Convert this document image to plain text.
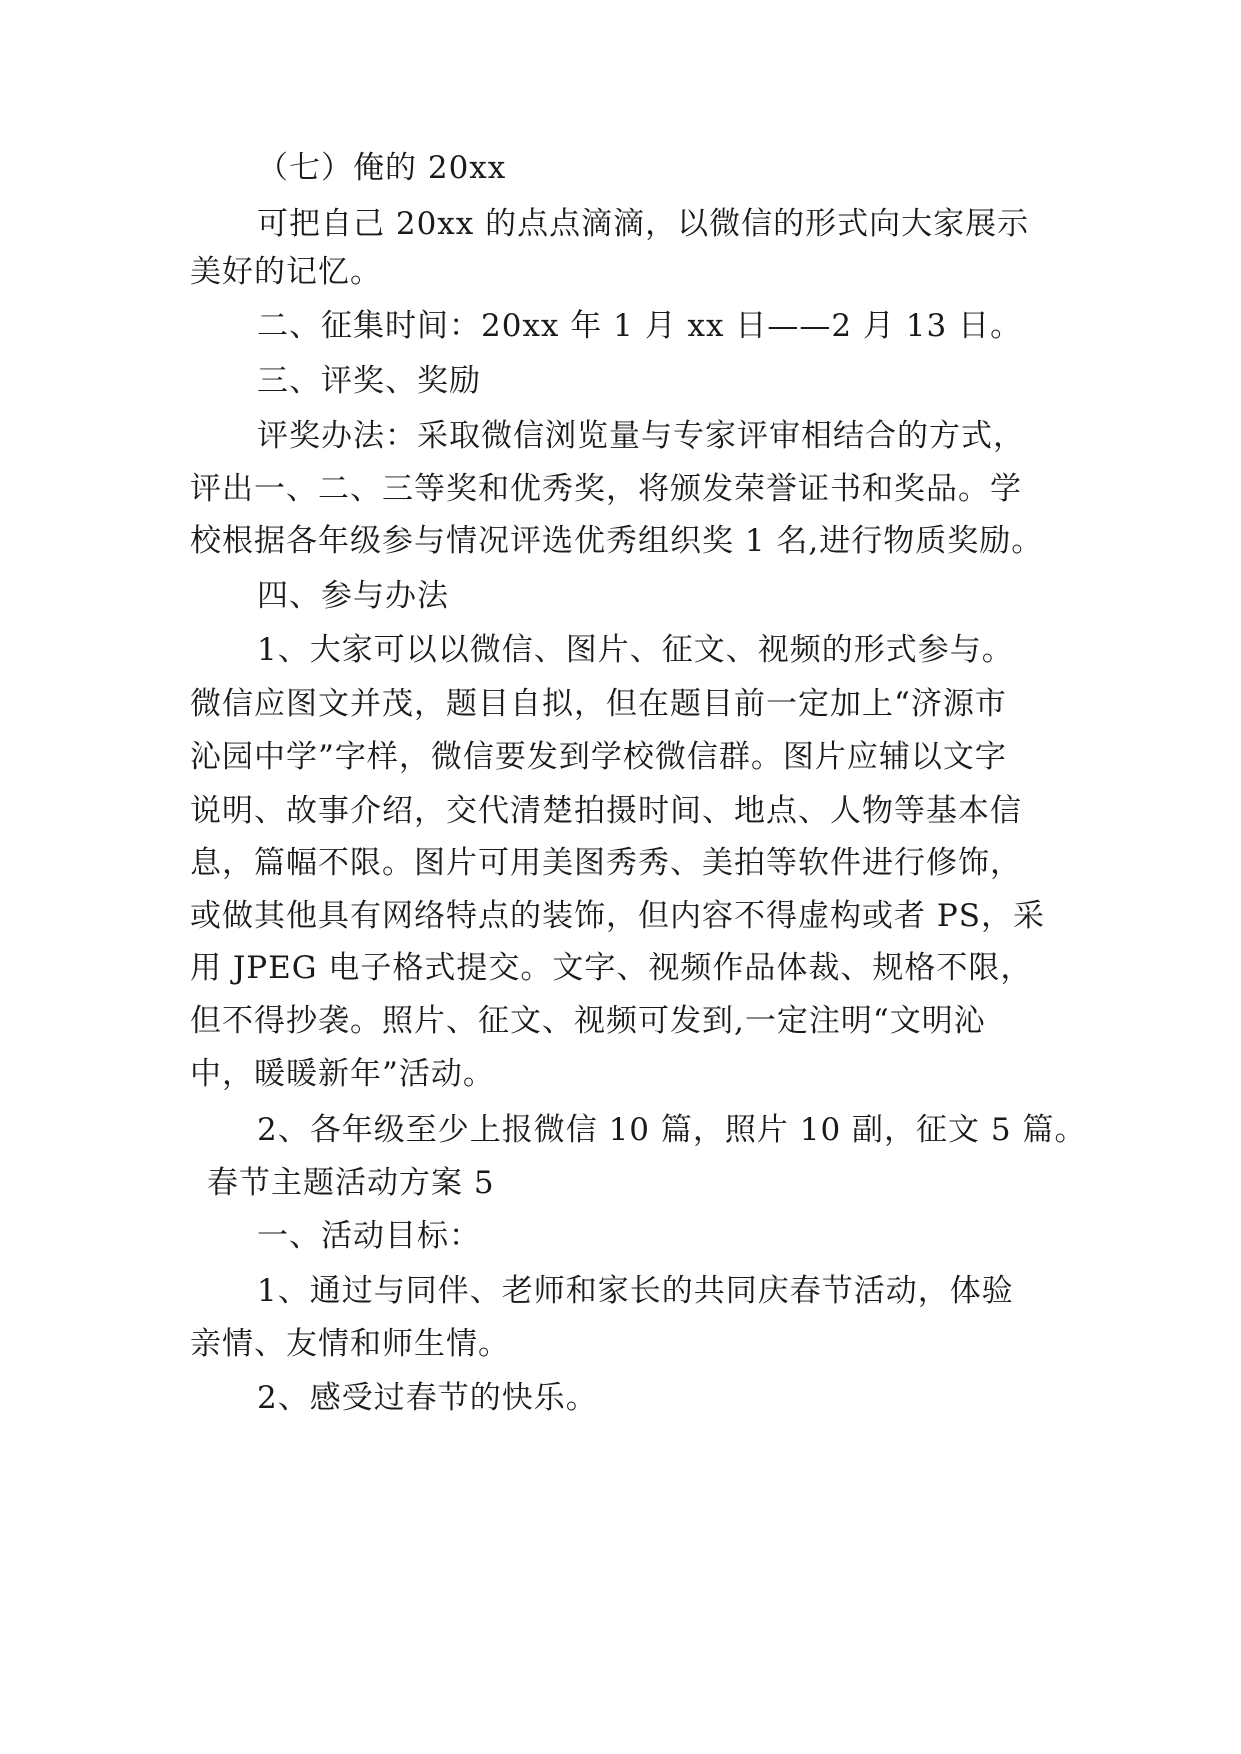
（七）俺的 20xx
可把自己 20xx 的点点滴滴，以微信的形式向大家展示
美好的记忆。
二、征集时间：20xx 年 1 月 xx 日——2 月 13 日。
三、评奖、奖励
评奖办法：采取微信浏览量与专家评审相结合的方式，
评出一、二、三等奖和优秀奖，将颁发荣誉证书和奖品。学
校根据各年级参与情况评选优秀组织奖 1 名,进行物质奖励。
四、参与办法
1、大家可以以微信、图片、征文、视频的形式参与。
微信应图文并茂，题目自拟，但在题目前一定加上“济源市
沁园中学”字样，微信要发到学校微信群。图片应辅以文字
说明、故事介绍，交代清楚拍摄时间、地点、人物等基本信
息，篇幅不限。图片可用美图秀秀、美拍等软件进行修饰，
或做其他具有网络特点的装饰，但内容不得虚构或者 PS，采
用 JPEG 电子格式提交。文字、视频作品体裁、规格不限，
但不得抄袭。照片、征文、视频可发到,一定注明“文明沁
中，暖暖新年”活动。
2、各年级至少上报微信 10 篇，照片 10 副，征文 5 篇。
春节主题活动方案 5
一、活动目标：
1、通过与同伴、老师和家长的共同庆春节活动，体验
亲情、友情和师生情。
2、感受过春节的快乐。
